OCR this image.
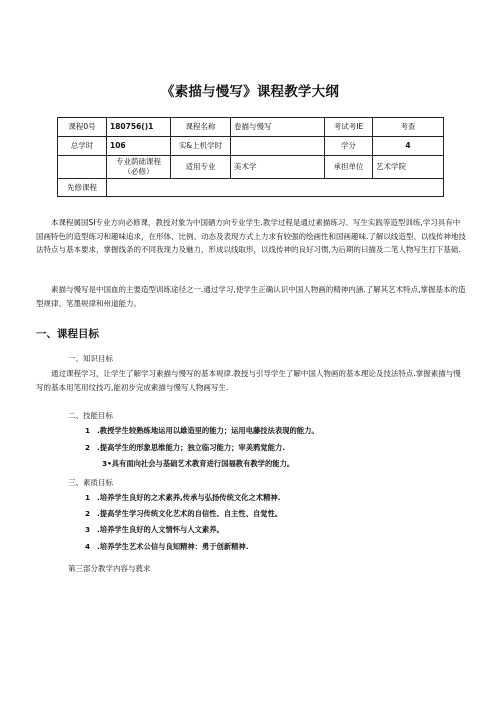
《素描与慢写》课程教学大纲
课程0号	180756()1	课程名称	卷描与慢写	考试考IE	考查
总学时	106	实&上机学时		学分	4
	专业荫础课程（必修）	适用专业	美术学	承担单位	艺术学院
先修课程					

本课程属国SI专业方向必修课，教授对象为中国硒方向专业学生.教学过程是通过素描练习、写生实践等造型训练,学习具有中国画特色的造型练习和趣味追求，在形体、比例、动态及表现方式上力求有较强的绘画性和国画趣味.了解以线造型、以线传神地技法特点与基本要求，掌握线条的不同我现力及魅力，形成以线取形，以线传神的良好习惯,为后期的曰描及二笔人物写生打下基础.

素描与慢写是中国血的主要造型训练途径之一.通过学习,使学生正确认识中国人物画的精神内涵.了解其艺术特点,掌握基本的造型规律、笔墨规律和州道能力。

一、课程目标
一、知识目标

通过课程学习，让学生了解学习素描与慢写的基本规律.教授与引导学生了解中国人物画的基本理论及技法特点.掌握素描与慢写的基本用笔用纹技巧,能初步完成素描与慢写人物画写生.

二、技能目标
1 .教授学生较熟练地运用以雄造里的能力；运用电藤技法表现的能力。
2 .提高学生的形象思维能力；独立临习能力；审美鸦觉能力.
3•具有面向社会与基础艺术教育进行国福教有教学的能力。
三、素质目标
1 .培养学生良好的之术素养,传承与弘扬传统文化之术精神.
2 .提高学生学习传统文化艺术的自信性、自主性、自觉性。
3 .培养学生良好的人文情怀与人文素养。
4 .培养学生艺术公信与良知精神：勇于创新精神.
第三部分教学内容与蕤求
